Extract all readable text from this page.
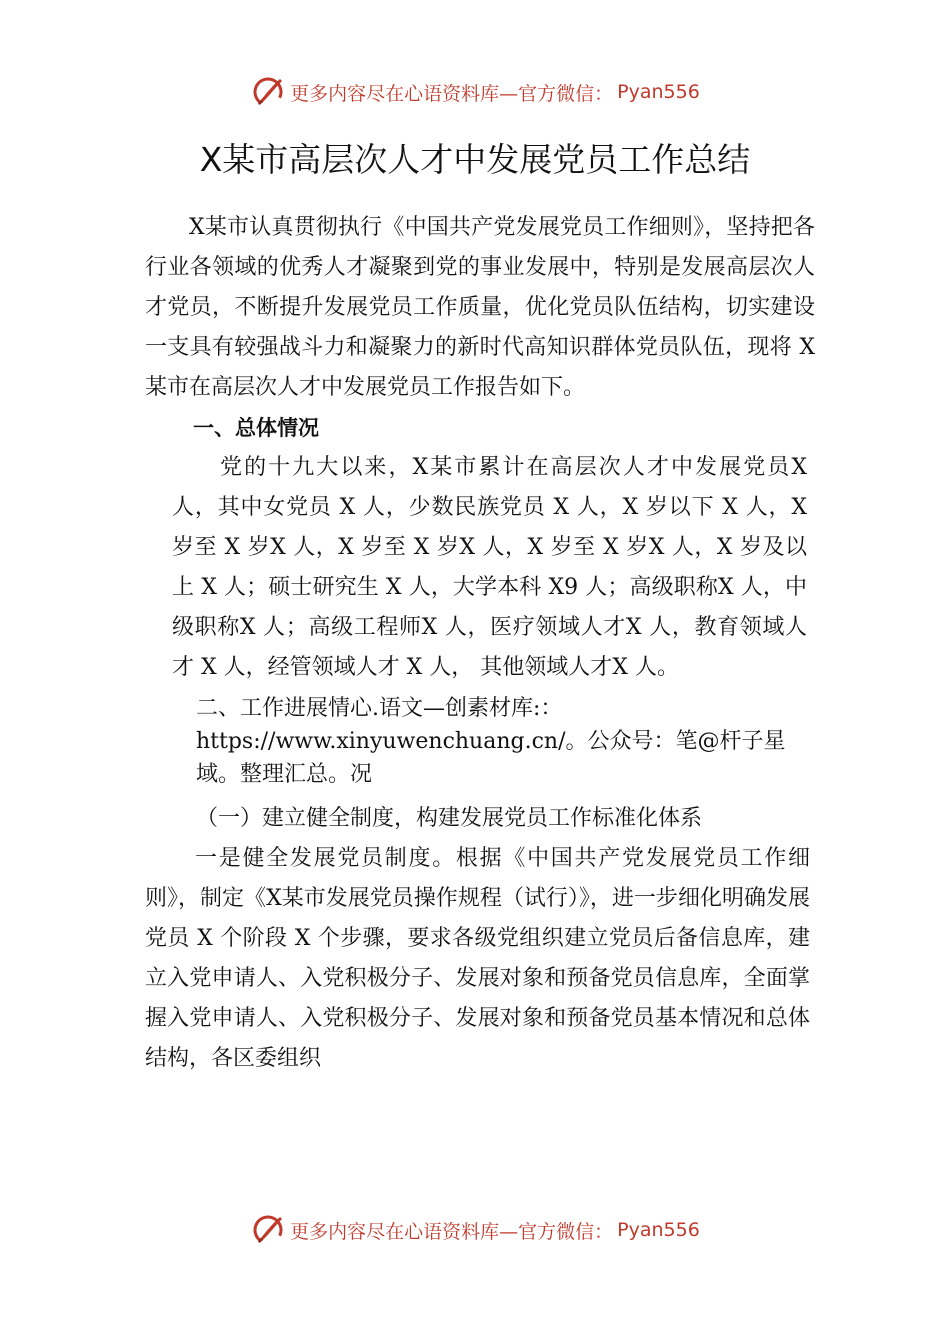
更多内容尽在心语资料库—官方微信： Pyan556
X某市高层次人才中发展党员工作总结

X某市认真贯彻执行《中国共产党发展党员工作细则》，坚持把各行业各领域的优秀人才凝聚到党的事业发展中，特别是发展高层次人才党员，不断提升发展党员工作质量，优化党员队伍结构，切实建设一支具有较强战斗力和凝聚力的新时代高知识群体党员队伍，现将 X某市在高层次人才中发展党员工作报告如下。

一、总体情况

党的十九大以来，X某市累计在高层次人才中发展党员X 人，其中女党员 X 人，少数民族党员 X 人，X 岁以下 X 人，X 岁至 X 岁X 人，X 岁至 X 岁X 人，X 岁至 X 岁X 人，X 岁及以上 X 人；硕士研究生 X 人，大学本科 X9 人；高级职称X 人，中级职称X 人；高级工程师X 人，医疗领域人才X 人，教育领域人才 X 人，经管领域人才 X 人， 其他领域人才X 人。

二、工作进展情心.语文—创素材库:：https://www.xinyuwenchuang.cn/。公众号：笔@杆子星域。整理汇总。况
（一）建立健全制度，构建发展党员工作标准化体系

一是健全发展党员制度。根据《中国共产党发展党员工作细则》，制定《X某市发展党员操作规程（试行）》，进一步细化明确发展党员 X 个阶段 X 个步骤，要求各级党组织建立党员后备信息库，建立入党申请人、入党积极分子、发展对象和预备党员信息库，全面掌握入党申请人、入党积极分子、发展对象和预备党员基本情况和总体结构，各区委组织

更多内容尽在心语资料库—官方微信： Pyan556
